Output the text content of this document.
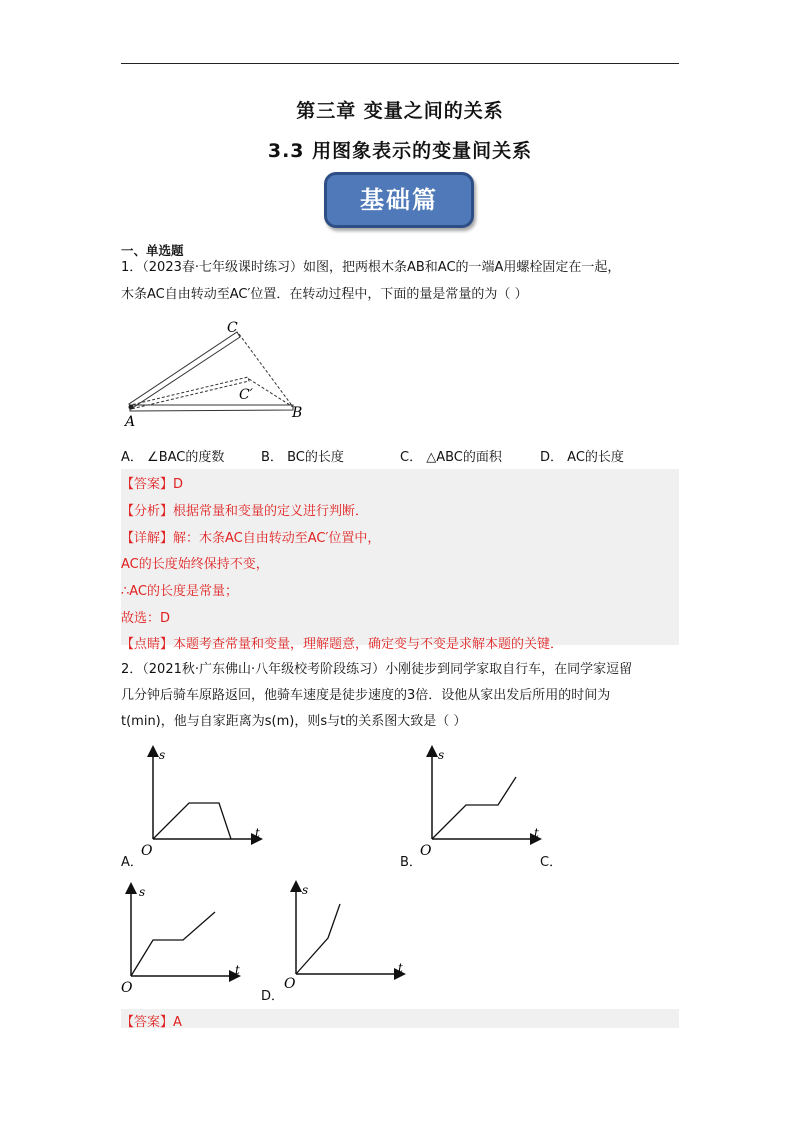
第三章 变量之间的关系
3.3 用图象表示的变量间关系
基础篇
一、单选题
1．（2023春·七年级课时练习）如图，把两根木条AB和AC的一端A用螺栓固定在一起，
木条AC自由转动至AC′位置．在转动过程中，下面的量是常量的为（ ）
C
C′
A
B
A． ∠BAC的度数	B． BC的长度	C． △ABC的面积	D． AC的长度
【答案】D
【分析】根据常量和变量的定义进行判断．
【详解】解：木条AC自由转动至AC′位置中，
AC的长度始终保持不变，
∴AC的长度是常量；
故选：D
【点睛】本题考查常量和变量，理解题意，确定变与不变是求解本题的关键．
2．（2021秋·广东佛山·八年级校考阶段练习）小刚徒步到同学家取自行车，在同学家逗留
几分钟后骑车原路返回，他骑车速度是徒步速度的3倍．设他从家出发后所用的时间为
t(min)，他与自家距离为s(m)，则s与t的关系图大致是（ ）
s
t
O
A．
s
t
O
B．	C．
s
t
O
s
t
O
D．
【答案】A
